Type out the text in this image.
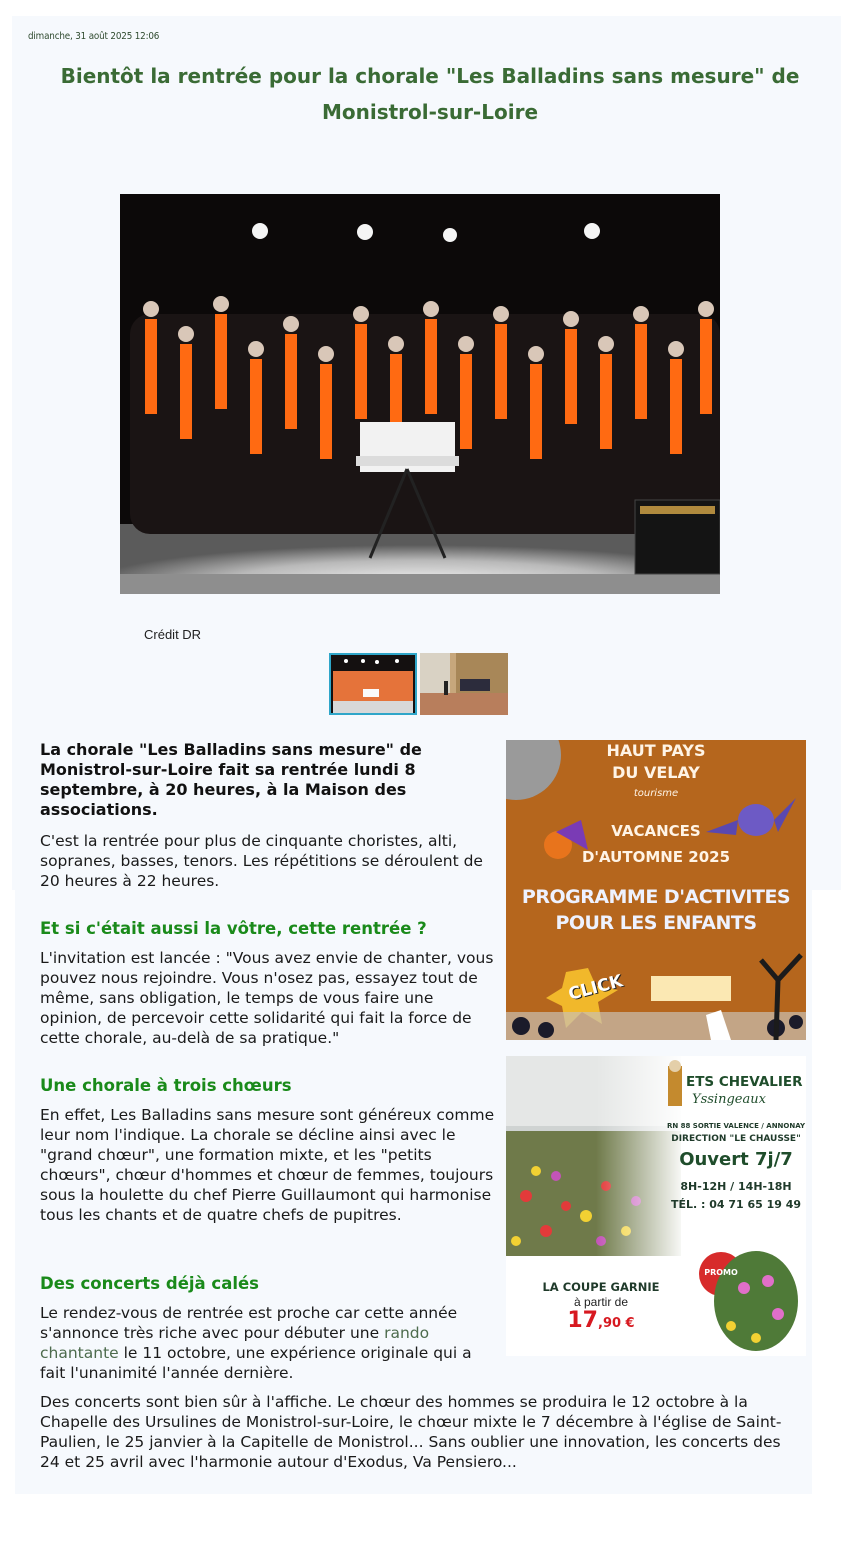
dimanche, 31 août 2025 12:06
Bientôt la rentrée pour la chorale "Les Balladins sans mesure" de Monistrol-sur-Loire
Crédit DR
La chorale "Les Balladins sans mesure" de Monistrol-sur-Loire fait sa rentrée lundi 8 septembre, à 20 heures, à la Maison des associations.

C'est la rentrée pour plus de cinquante choristes, alti, sopranes, basses, tenors. Les répétitions se déroulent de 20 heures à 22 heures.

Et si c'était aussi la vôtre, cette rentrée ?

L'invitation est lancée : "Vous avez envie de chanter, vous pouvez nous rejoindre. Vous n'osez pas, essayez tout de même, sans obligation, le temps de vous faire une opinion, de percevoir cette solidarité qui fait la force de cette chorale, au-delà de sa pratique."

Une chorale à trois chœurs

En effet, Les Balladins sans mesure sont généreux comme leur nom l'indique. La chorale se décline ainsi avec le "grand chœur", une formation mixte, et les "petits chœurs", chœur d'hommes et chœur de femmes, toujours sous la houlette du chef Pierre Guillaumont qui harmonise tous les chants et de quatre chefs de pupitres.

Des concerts déjà calés

Le rendez-vous de rentrée est proche car cette année s'annonce très riche avec pour débuter une rando chantante le 11 octobre, une expérience originale qui a fait l'unanimité l'année dernière.

Des concerts sont bien sûr à l'affiche. Le chœur des hommes se produira le 12 octobre à la Chapelle des Ursulines de Monistrol-sur-Loire, le chœur mixte le 7 décembre à l'église de Saint-Paulien, le 25 janvier à la Capitelle de Monistrol... Sans oublier une innovation, les concerts des 24 et 25 avril avec l'harmonie autour d'Exodus, Va Pensiero...

HAUT PAYS
DU VELAY
tourisme
VACANCES
D'AUTOMNE 2025
PROGRAMME D'ACTIVITES
POUR LES ENFANTS
CLICK
ETS CHEVALIER
Yssingeaux
RN 88 SORTIE VALENCE / ANNONAY
DIRECTION "LE CHAUSSE"
Ouvert 7j/7
8H-12H / 14H-18H
TÉL. : 04 71 65 19 49
PROMO
LA COUPE GARNIE
à partir de
17,90 €
